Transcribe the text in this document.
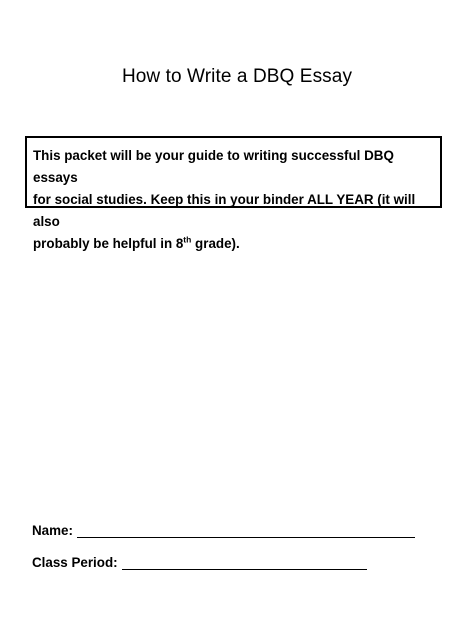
How to Write a DBQ Essay
This packet will be your guide to writing successful DBQ essays
for social studies. Keep this in your binder ALL YEAR (it will also
probably be helpful in 8th grade).
Name:
Class Period:
